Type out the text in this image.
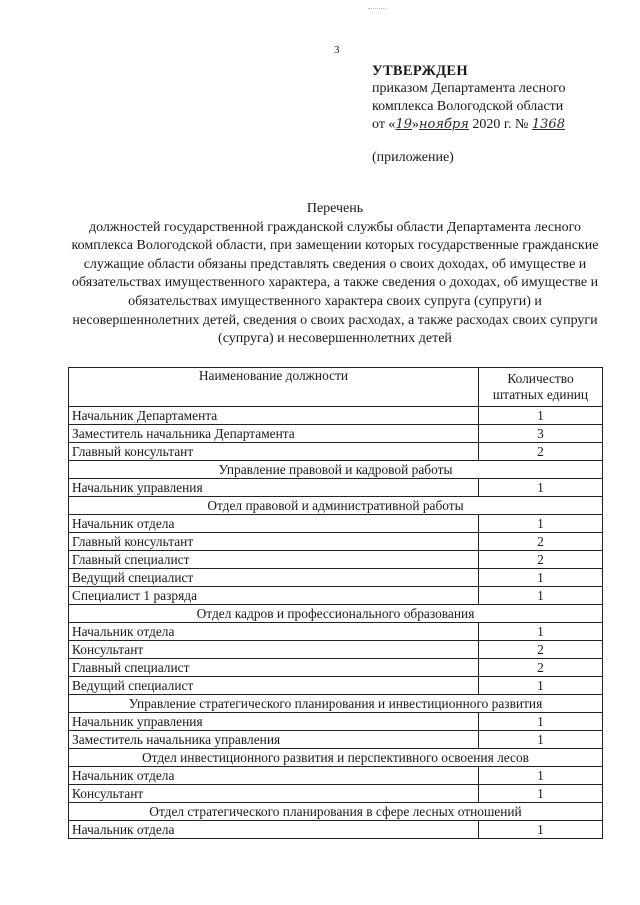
3
УТВЕРЖДЕН
приказом Департамента лесного
комплекса Вологодской области
от «19»ноября 2020 г. № 1368
(приложение)
Перечень
должностей государственной гражданской службы области Департамента лесного комплекса Вологодской области, при замещении которых государственные гражданские служащие области обязаны представлять сведения о своих доходах, об имуществе и обязательствах имущественного характера, а также сведения о доходах, об имуществе и обязательствах имущественного характера своих супруга (супруги) и несовершеннолетних детей, сведения о своих расходах, а также расходах своих супруги (супруга) и несовершеннолетних детей
Наименование должности	Количество штатных единиц
Начальник Департамента	1
Заместитель начальника Департамента	3
Главный консультант	2
Управление правовой и кадровой работы	
Начальник управления	1
Отдел правовой и административной работы	
Начальник отдела	1
Главный консультант	2
Главный специалист	2
Ведущий специалист	1
Специалист 1 разряда	1
Отдел кадров и профессионального образования	
Начальник отдела	1
Консультант	2
Главный специалист	2
Ведущий специалист	1
Управление стратегического планирования и инвестиционного развития	
Начальник управления	1
Заместитель начальника управления	1
Отдел инвестиционного развития и перспективного освоения лесов	
Начальник отдела	1
Консультант	1
Отдел стратегического планирования в сфере лесных отношений	
Начальник отдела	1
